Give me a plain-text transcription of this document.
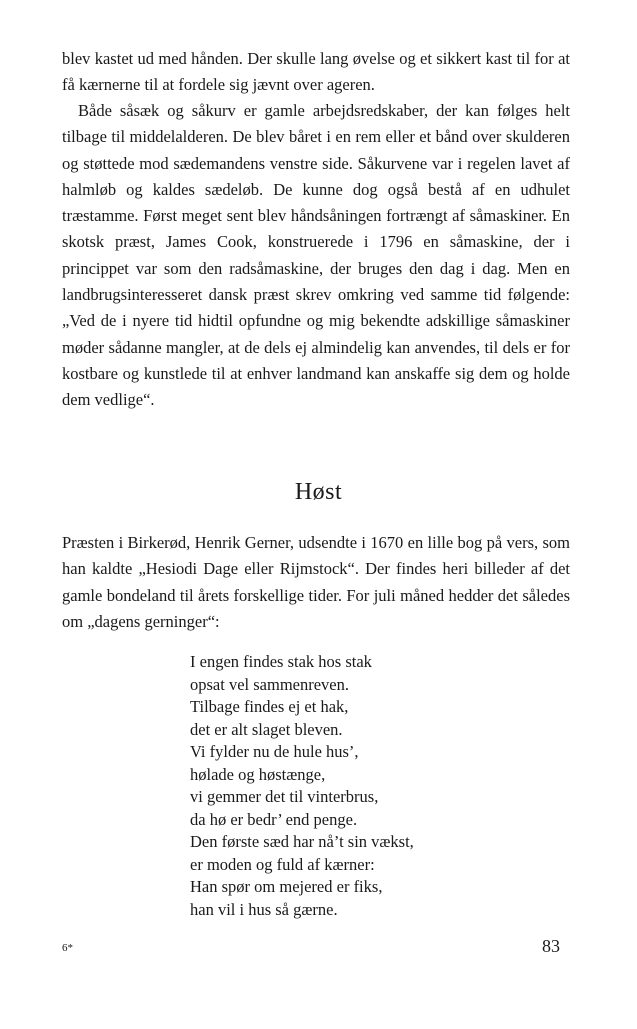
blev kastet ud med hånden. Der skulle lang øvelse og et sikkert kast til for at få kærnerne til at fordele sig jævnt over ageren.

Både såsæk og såkurv er gamle arbejdsredskaber, der kan følges helt tilbage til middelalderen. De blev båret i en rem eller et bånd over skulderen og støttede mod sædemandens venstre side. Såkurvene var i regelen lavet af halmløb og kaldes sædeløb. De kunne dog også bestå af en udhulet træstamme. Først meget sent blev håndsåningen fortrængt af såmaskiner. En skotsk præst, James Cook, konstruerede i 1796 en såmaskine, der i princippet var som den radsåmaskine, der bruges den dag i dag. Men en landbrugsinteresseret dansk præst skrev omkring ved samme tid følgende: „Ved de i nyere tid hidtil opfundne og mig bekendte adskillige såmaskiner møder sådanne mangler, at de dels ej almindelig kan anvendes, til dels er for kostbare og kunstlede til at enhver landmand kan anskaffe sig dem og holde dem vedlige“.

Høst

Præsten i Birkerød, Henrik Gerner, udsendte i 1670 en lille bog på vers, som han kaldte „Hesiodi Dage eller Rijmstock“. Der findes heri billeder af det gamle bondeland til årets forskellige tider. For juli måned hedder det således om „dagens gerninger“:

I engen findes stak hos stak
opsat vel sammenreven.
Tilbage findes ej et hak,
det er alt slaget bleven.
Vi fylder nu de hule hus’,
hølade og høstænge,
vi gemmer det til vinterbrus,
da hø er bedr’ end penge.
Den første sæd har nå’t sin vækst,
er moden og fuld af kærner:
Han spør om mejered er fiks,
han vil i hus så gærne.
6*	83
